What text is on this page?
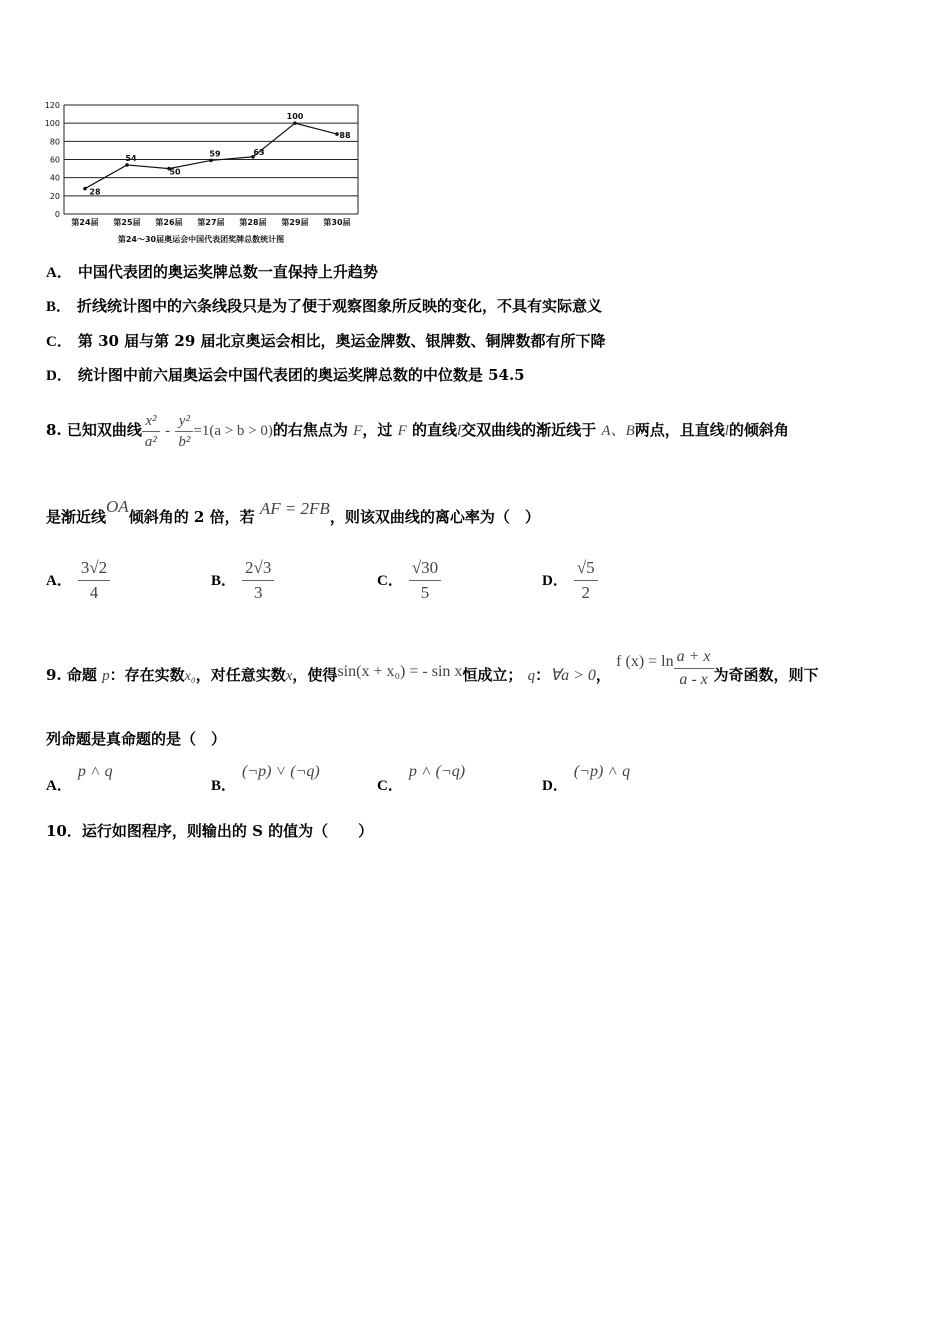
0
20
40
60
80
100
120
第24届 第25届 第26届 第27届 第28届 第29届 第30届
28
54
50
59	63
100
88
第24～30届奥运会中国代表团奖牌总数统计图
A． 中国代表团的奥运奖牌总数一直保持上升趋势
B． 折线统计图中的六条线段只是为了便于观察图象所反映的变化，不具有实际意义
C． 第 30 届与第 29 届北京奥运会相比，奥运金牌数、银牌数、铜牌数都有所下降
D． 统计图中前六届奥运会中国代表团的奥运奖牌总数的中位数是 54.5
8. 已知双曲线 $\frac{\text{x²}}{\text{a²}} - \frac{\text{y²}}{\text{b²}} =1(a > b > 0)$的右焦点为 F，过 F 的直线l交双曲线的渐近线于 A、B两点，且直线l的倾斜角
是渐近线OA倾斜角的 2 倍，若 AF = 2FB，则该双曲线的离心率为（　）
A． $\frac{3√2}{4}$	B． $\frac{2√3}{3}$	C． $\frac{√30}{5}$	D． $\frac{√5}{2}$
9. 命题 p：存在实数x₀，对任意实数x，使得sin(x + x₀) = - sin x恒成立； q：∀a > 0， f $(x) = \ln \frac{a + x}{a - x}$ 为奇函数，则下
列命题是真命题的是（　）
A．p ˄ q
B．(¬p) ˅ (¬q)
C．p ˄ (¬q)
D．(¬p) ˄ q
10．运行如图程序，则输出的 S 的值为（　　）
